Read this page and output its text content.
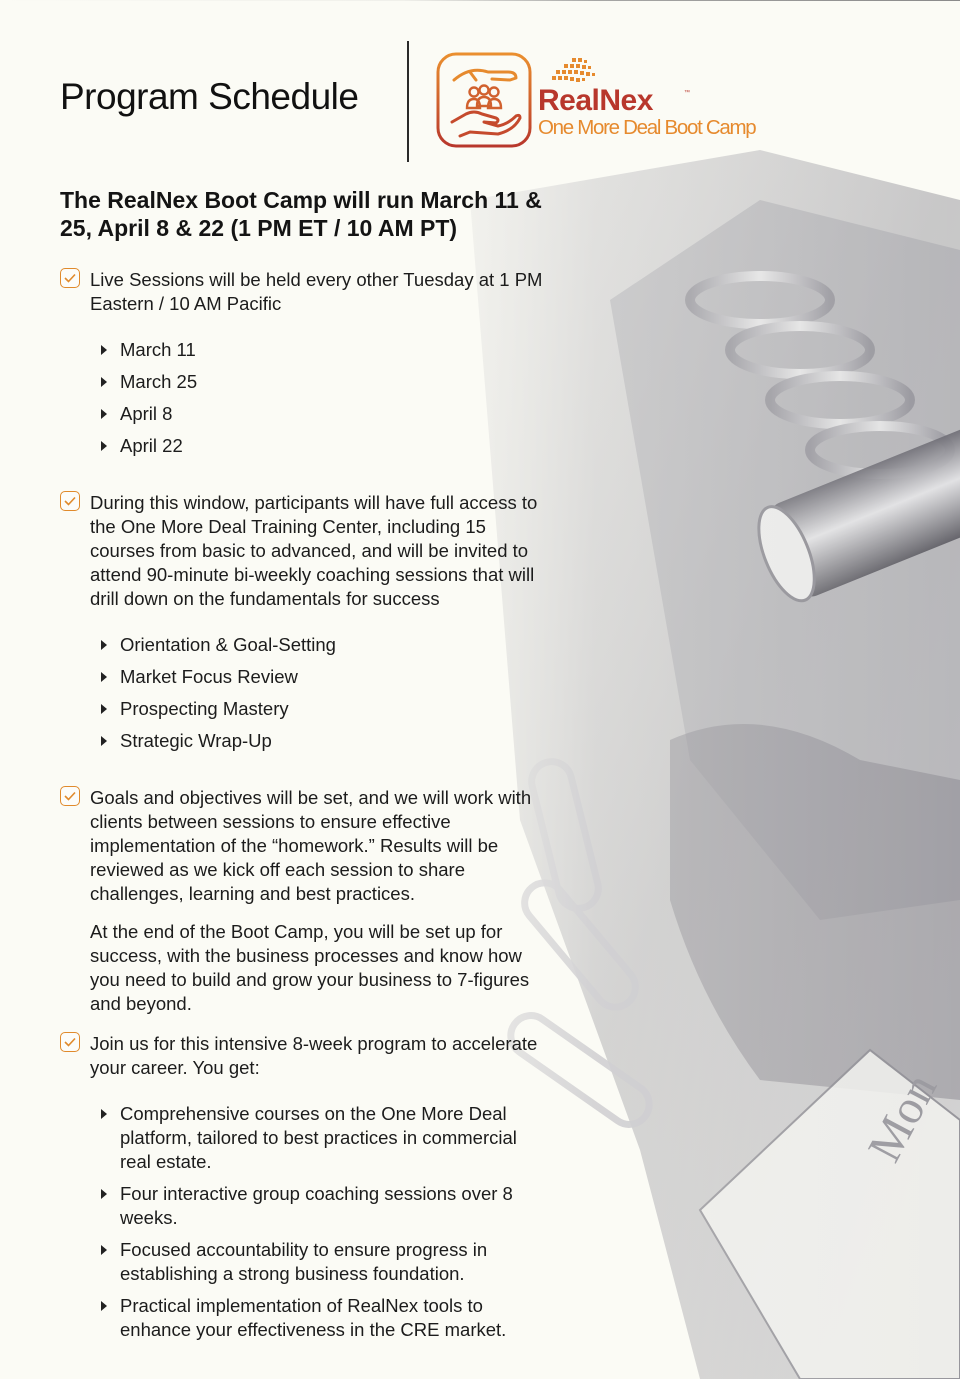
Program Schedule	RealNex	™
One More Deal Boot Camp
The RealNex Boot Camp will run March 11 & 25, April 8 & 22 (1 PM ET / 10 AM PT)
Live Sessions will be held every other Tuesday at 1 PM Eastern / 10 AM Pacific
March 11
March 25
April 8
April 22
During this window, participants will have full access to the One More Deal Training Center, including 15 courses from basic to advanced, and will be invited to attend 90-minute bi-weekly coaching sessions that will drill down on the fundamentals for success
Orientation & Goal-Setting
Market Focus Review
Prospecting Mastery
Strategic Wrap-Up

Goals and objectives will be set, and we will work with clients between sessions to ensure effective implementation of the “homework.” Results will be reviewed as we kick off each session to share challenges, learning and best practices.

At the end of the Boot Camp, you will be set up for success, with the business processes and know how you need to build and grow your business to 7-figures and beyond.

Join us for this intensive 8-week program to accelerate your career. You get:
Comprehensive courses on the One More Deal platform, tailored to best practices in commercial real estate.
Four interactive group coaching sessions over 8 weeks.
Focused accountability to ensure progress in establishing a strong business foundation.
Practical implementation of RealNex tools to enhance your effectiveness in the CRE market.
